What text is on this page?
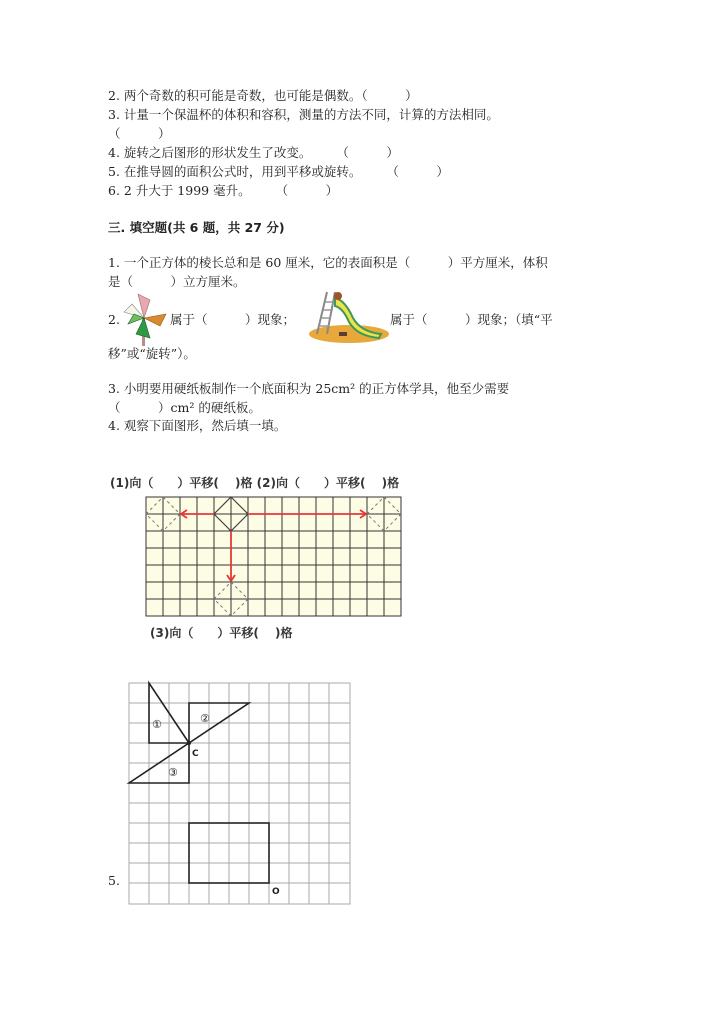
2. 两个奇数的积可能是奇数，也可能是偶数。（　　　）
3. 计量一个保温杯的体积和容积，测量的方法不同，计算的方法相同。
（　　　）
4. 旋转之后图形的形状发生了改变。　　　（　　　）
5. 在推导圆的面积公式时，用到平移或旋转。　　　（　　　）
6. 2 升大于 1999 毫升。　　　（　　　）
三. 填空题(共 6 题，共 27 分)
1. 一个正方体的棱长总和是 60 厘米，它的表面积是（　　　）平方厘米，体积
是（　　　）立方厘米。
2.	属于（　　　）现象；	属于（　　　）现象；（填“平
移”或“旋转”）。
3. 小明要用硬纸板制作一个底面积为 25cm² 的正方体学具，他至少需要
（　　　）cm² 的硬纸板。
4. 观察下面图形，然后填一填。
(1)向（　　）平移(　 )格 (2)向（　　）平移(　 )格
(3)向（　　）平移(　 )格
5.
C
O
①	②
③
